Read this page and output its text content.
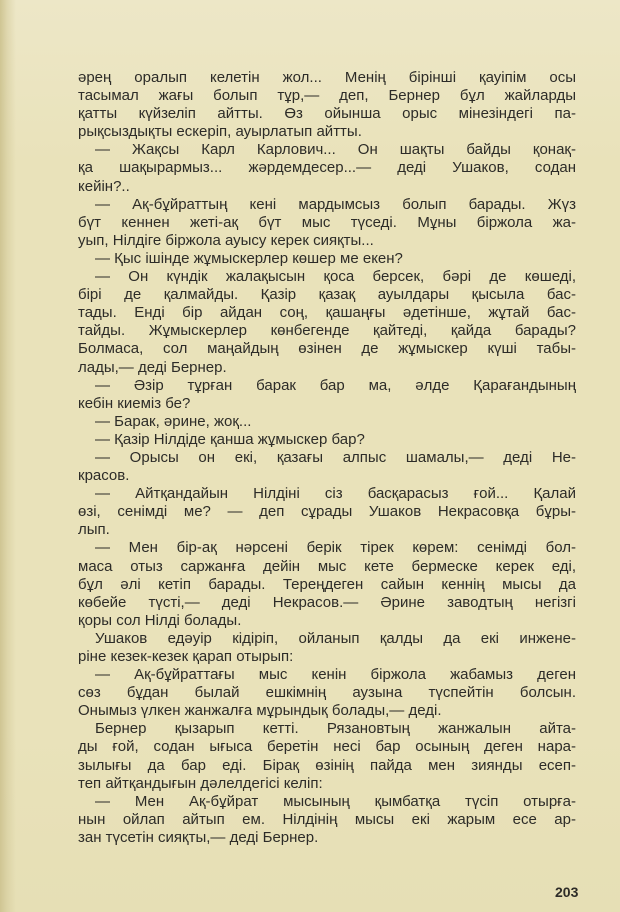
әрең оралып келетін жол... Менің бірінші қауіпім осы
тасымал жағы болып тұр,— деп, Бернер бұл жайларды
қатты күйзеліп айтты. Өз ойынша орыс мінезіндегі па-
рықсыздықты ескеріп, ауырлатып айтты.
— Жақсы Карл Карлович... Он шақты байды қонақ-
қа шақырармыз... жәрдемдесер...— деді Ушаков, содан
кейін?..
— Ақ-бұйраттың кені мардымсыз болып барады. Жүз
бүт кеннен жеті-ақ бүт мыс түседі. Мұны біржола жа-
уып, Нілдіге біржола ауысу керек сияқты...
— Қыс ішінде жұмыскерлер көшер ме екен?
— Он күндік жалақысын қоса берсек, бәрі де көшеді,
бірі де қалмайды. Қазір қазақ ауылдары қысыла бас-
тады. Енді бір айдан соң, қашаңғы әдетінше, жұтай бас-
тайды. Жұмыскерлер көнбегенде қайтеді, қайда барады?
Болмаса, сол маңайдың өзінен де жұмыскер күші табы-
лады,— деді Бернер.
— Әзір тұрған барак бар ма, әлде Қарағандының
кебін киеміз бе?
— Барак, әрине, жоқ...
— Қазір Нілдіде қанша жұмыскер бар?
— Орысы он екі, қазағы алпыс шамалы,— деді Не-
красов.
— Айтқандайын Нілдіні сіз басқарасыз ғой... Қалай
өзі, сенімді ме? — деп сұрады Ушаков Некрасовқа бұры-
лып.
— Мен бір-ақ нәрсені берік тірек көрем: сенімді бол-
маса отыз саржанға дейін мыс кете бермеске керек еді,
бұл әлі кетіп барады. Тереңдеген сайын кеннің мысы да
көбейе түсті,— деді Некрасов.— Әрине заводтың негізгі
қоры сол Нілді болады.
Ушаков едәуір кідіріп, ойланып қалды да екі инжене-
ріне кезек-кезек қарап отырып:
— Ақ-бұйраттағы мыс кенін біржола жабамыз деген
сөз бұдан былай ешкімнің аузына түспейтін болсын.
Онымыз үлкен жанжалға мұрындық болады,— деді.
Бернер қызарып кетті. Рязановтың жанжалын айта-
ды ғой, содан ығыса беретін несі бар осының деген нара-
зылығы да бар еді. Бірақ өзінің пайда мен зиянды есеп-
теп айтқандығын дәлелдегісі келіп:
— Мен Ақ-бұйрат мысының қымбатқа түсіп отырға-
нын ойлап айтып ем. Нілдінің мысы екі жарым есе ар-
зан түсетін сияқты,— деді Бернер.
203
